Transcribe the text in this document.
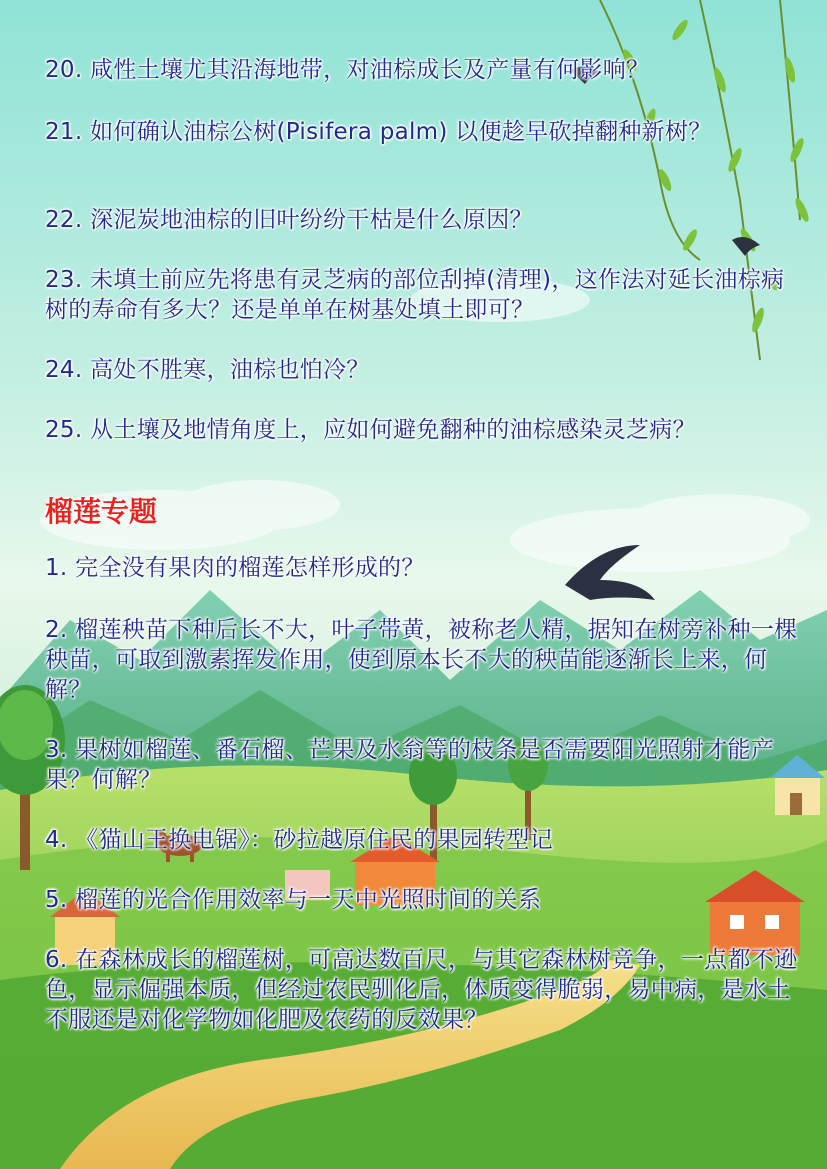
20. 咸性土壤尤其沿海地带，对油棕成长及产量有何影响？
21. 如何确认油棕公树(Pisifera palm) 以便趁早砍掉翻种新树？
22. 深泥炭地油棕的旧叶纷纷干枯是什么原因？
23. 未填土前应先将患有灵芝病的部位刮掉(清理)，这作法对延长油棕病树的寿命有多大？还是单单在树基处填土即可？
24. 高处不胜寒，油棕也怕冷？
25. 从土壤及地情角度上，应如何避免翻种的油棕感染灵芝病？
榴莲专题
1. 完全没有果肉的榴莲怎样形成的？
2. 榴莲秧苗下种后长不大，叶子带黄，被称老人精，据知在树旁补种一棵秧苗，可取到激素挥发作用，使到原本长不大的秧苗能逐渐长上来，何解？
3. 果树如榴莲、番石榴、芒果及水翁等的枝条是否需要阳光照射才能产果？何解？
4. 《猫山王换电锯》：砂拉越原住民的果园转型记
5. 榴莲的光合作用效率与一天中光照时间的关系
6. 在森林成长的榴莲树，可高达数百尺，与其它森林树竞争，一点都不逊色，显示倔强本质，但经过农民驯化后，体质变得脆弱，易中病，是水土不服还是对化学物如化肥及农药的反效果？
